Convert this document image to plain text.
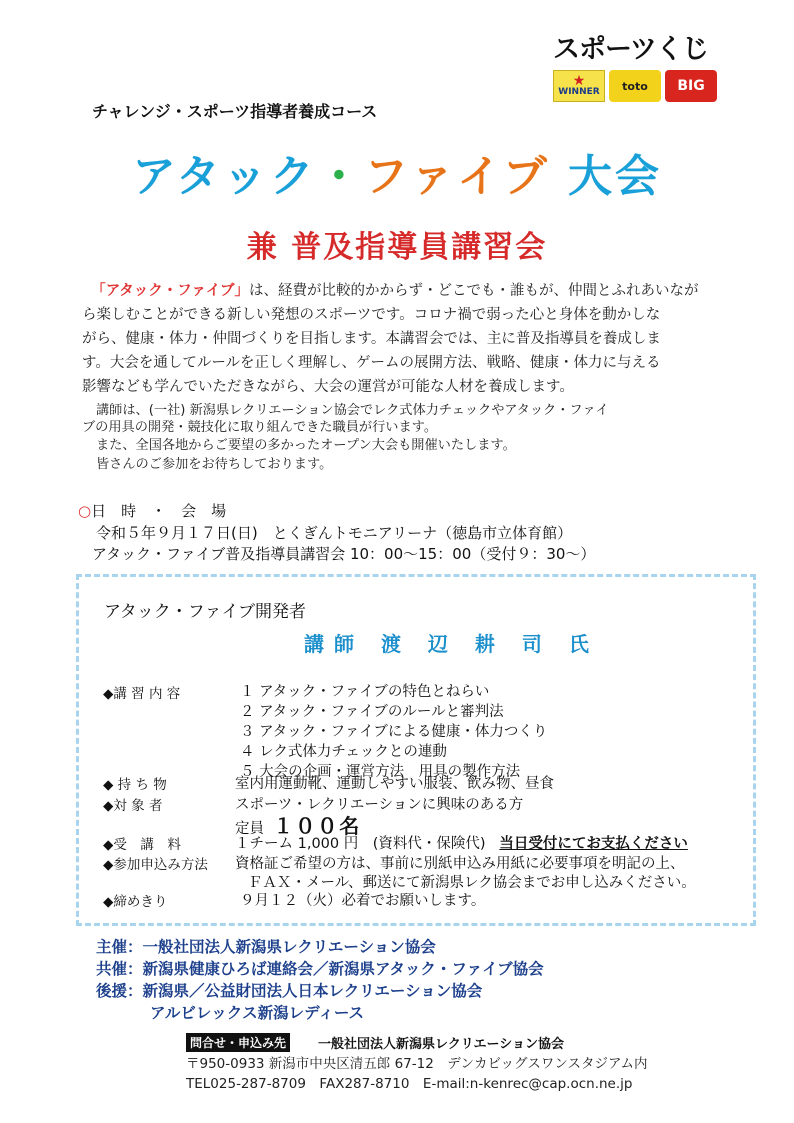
スポーツくじ
★
WINNER	toto	BIG
チャレンジ・スポーツ指導者養成コース
アタック・ファイブ 大会
兼 普及指導員講習会
「アタック・ファイブ」は、経費が比較的かからず・どこでも・誰もが、仲間とふれあいなが
ら楽しむことができる新しい発想のスポーツです。コロナ禍で弱った心と身体を動かしな
がら、健康・体力・仲間づくりを目指します。本講習会では、主に普及指導員を養成しま
す。大会を通してルールを正しく理解し、ゲームの展開方法、戦略、健康・体力に与える
影響なども学んでいただきながら、大会の運営が可能な人材を養成します。
講師は、(一社) 新潟県レクリエーション協会でレク式体力チェックやアタック・ファイ
ブの用具の開発・競技化に取り組んできた職員が行います。
また、全国各地からご要望の多かったオープン大会も開催いたします。
皆さんのご参加をお待ちしております。
○日　時　・　会　場
令和５年９月１７日(日)　とくぎんトモニアリーナ（徳島市立体育館）
アタック・ファイブ普及指導員講習会 10：00〜15：00（受付９：30〜）
アタック・ファイブ開発者
講師 渡 辺 耕 司 氏
◆講 習 内 容	１ アタック・ファイブの特色とねらい
２ アタック・ファイブのルールと審判法
３ アタック・ファイブによる健康・体力つくり
４ レク式体力チェックとの連動
５ 大会の企画・運営方法　用具の製作方法
◆ 持 ち 物	室内用運動靴、運動しやすい服装、飲み物、昼食
◆対 象 者	スポーツ・レクリエーションに興味のある方
定員 １００名
◆受　講　料	１チーム 1,000 円　(資料代・保険代) 当日受付にてお支払ください
◆参加申込み方法 資格証ご希望の方は、事前に別紙申込み用紙に必要事項を明記の上、
ＦＡＸ・メール、郵送にて新潟県レク協会までお申し込みください。
◆締めきり	９月１２（火）必着でお願いします。
主催：一般社団法人新潟県レクリエーション協会
共催：新潟県健康ひろば連絡会／新潟県アタック・ファイブ協会
後援：新潟県／公益財団法人日本レクリエーション協会
アルビレックス新潟レディース
問合せ・申込み先	一般社団法人新潟県レクリエーション協会
〒950-0933 新潟市中央区清五郎 67-12　デンカビッグスワンスタジアム内
TEL025-287-8709　FAX287-8710　E-mail:n-kenrec@cap.ocn.ne.jp
